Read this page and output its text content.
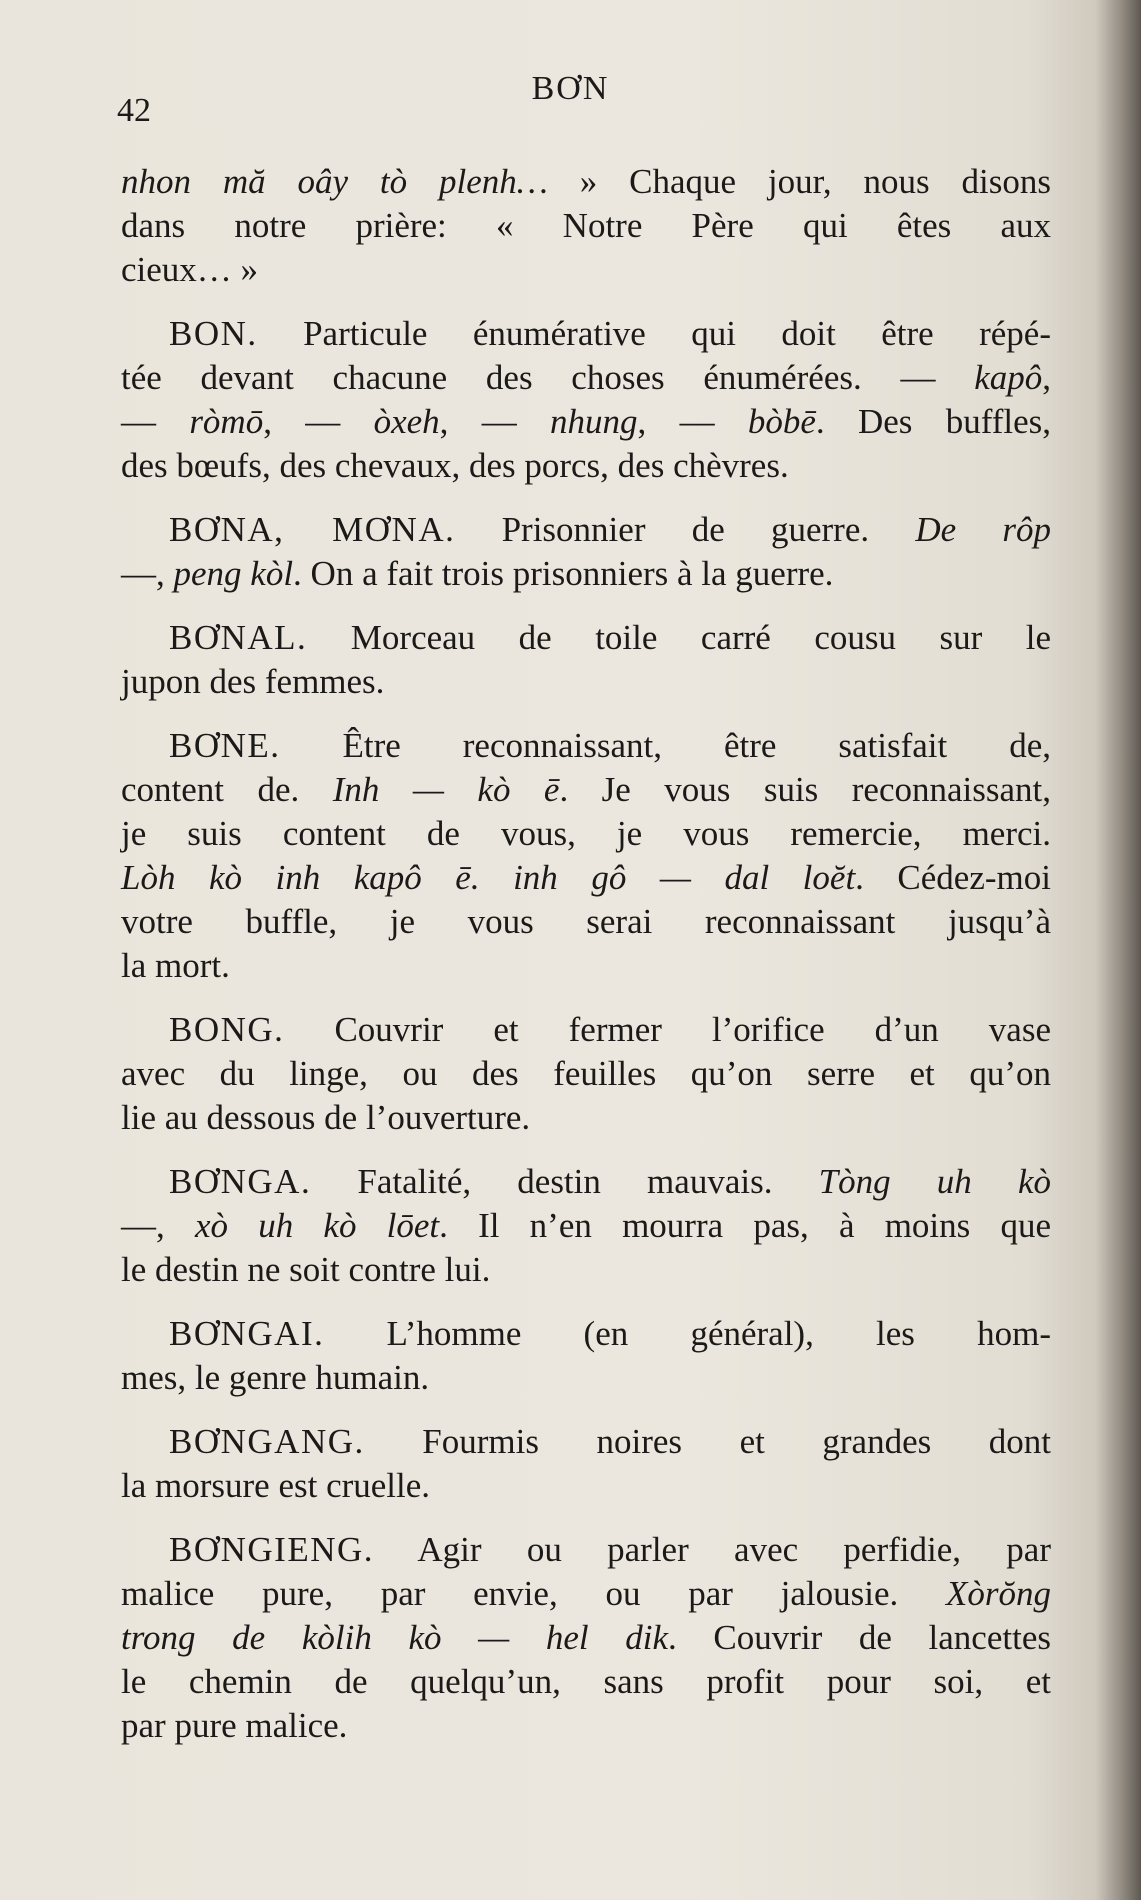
42
BƠN
nhon mă oây tò plenh… » Chaque jour, nous disons
dans notre prière: « Notre Père qui êtes aux
cieux… »
BON. Particule énumérative qui doit être répé-
tée devant chacune des choses énumérées. — kapô,
— ròmō, — òxeh, — nhung, — bòbē. Des buffles,
des bœufs, des chevaux, des porcs, des chèvres.
BƠNA, MƠNA. Prisonnier de guerre. De rôp
—, peng kòl. On a fait trois prisonniers à la guerre.
BƠNAL. Morceau de toile carré cousu sur le
jupon des femmes.
BƠNE. Être reconnaissant, être satisfait de,
content de. Inh — kò ē. Je vous suis reconnaissant,
je suis content de vous, je vous remercie, merci.
Lòh kò inh kapô ē. inh gô — dal loĕt. Cédez-moi
votre buffle, je vous serai reconnaissant jusqu’à
la mort.
BONG. Couvrir et fermer l’orifice d’un vase
avec du linge, ou des feuilles qu’on serre et qu’on
lie au dessous de l’ouverture.
BƠNGA. Fatalité, destin mauvais. Tòng uh kò
—, xò uh kò lōet. Il n’en mourra pas, à moins que
le destin ne soit contre lui.
BƠNGAI. L’homme (en général), les hom-
mes, le genre humain.
BƠNGANG. Fourmis noires et grandes dont
la morsure est cruelle.
BƠNGIENG. Agir ou parler avec perfidie, par
malice pure, par envie, ou par jalousie. Xòrŏng
trong de kòlih kò — hel dik. Couvrir de lancettes
le chemin de quelqu’un, sans profit pour soi, et
par pure malice.
